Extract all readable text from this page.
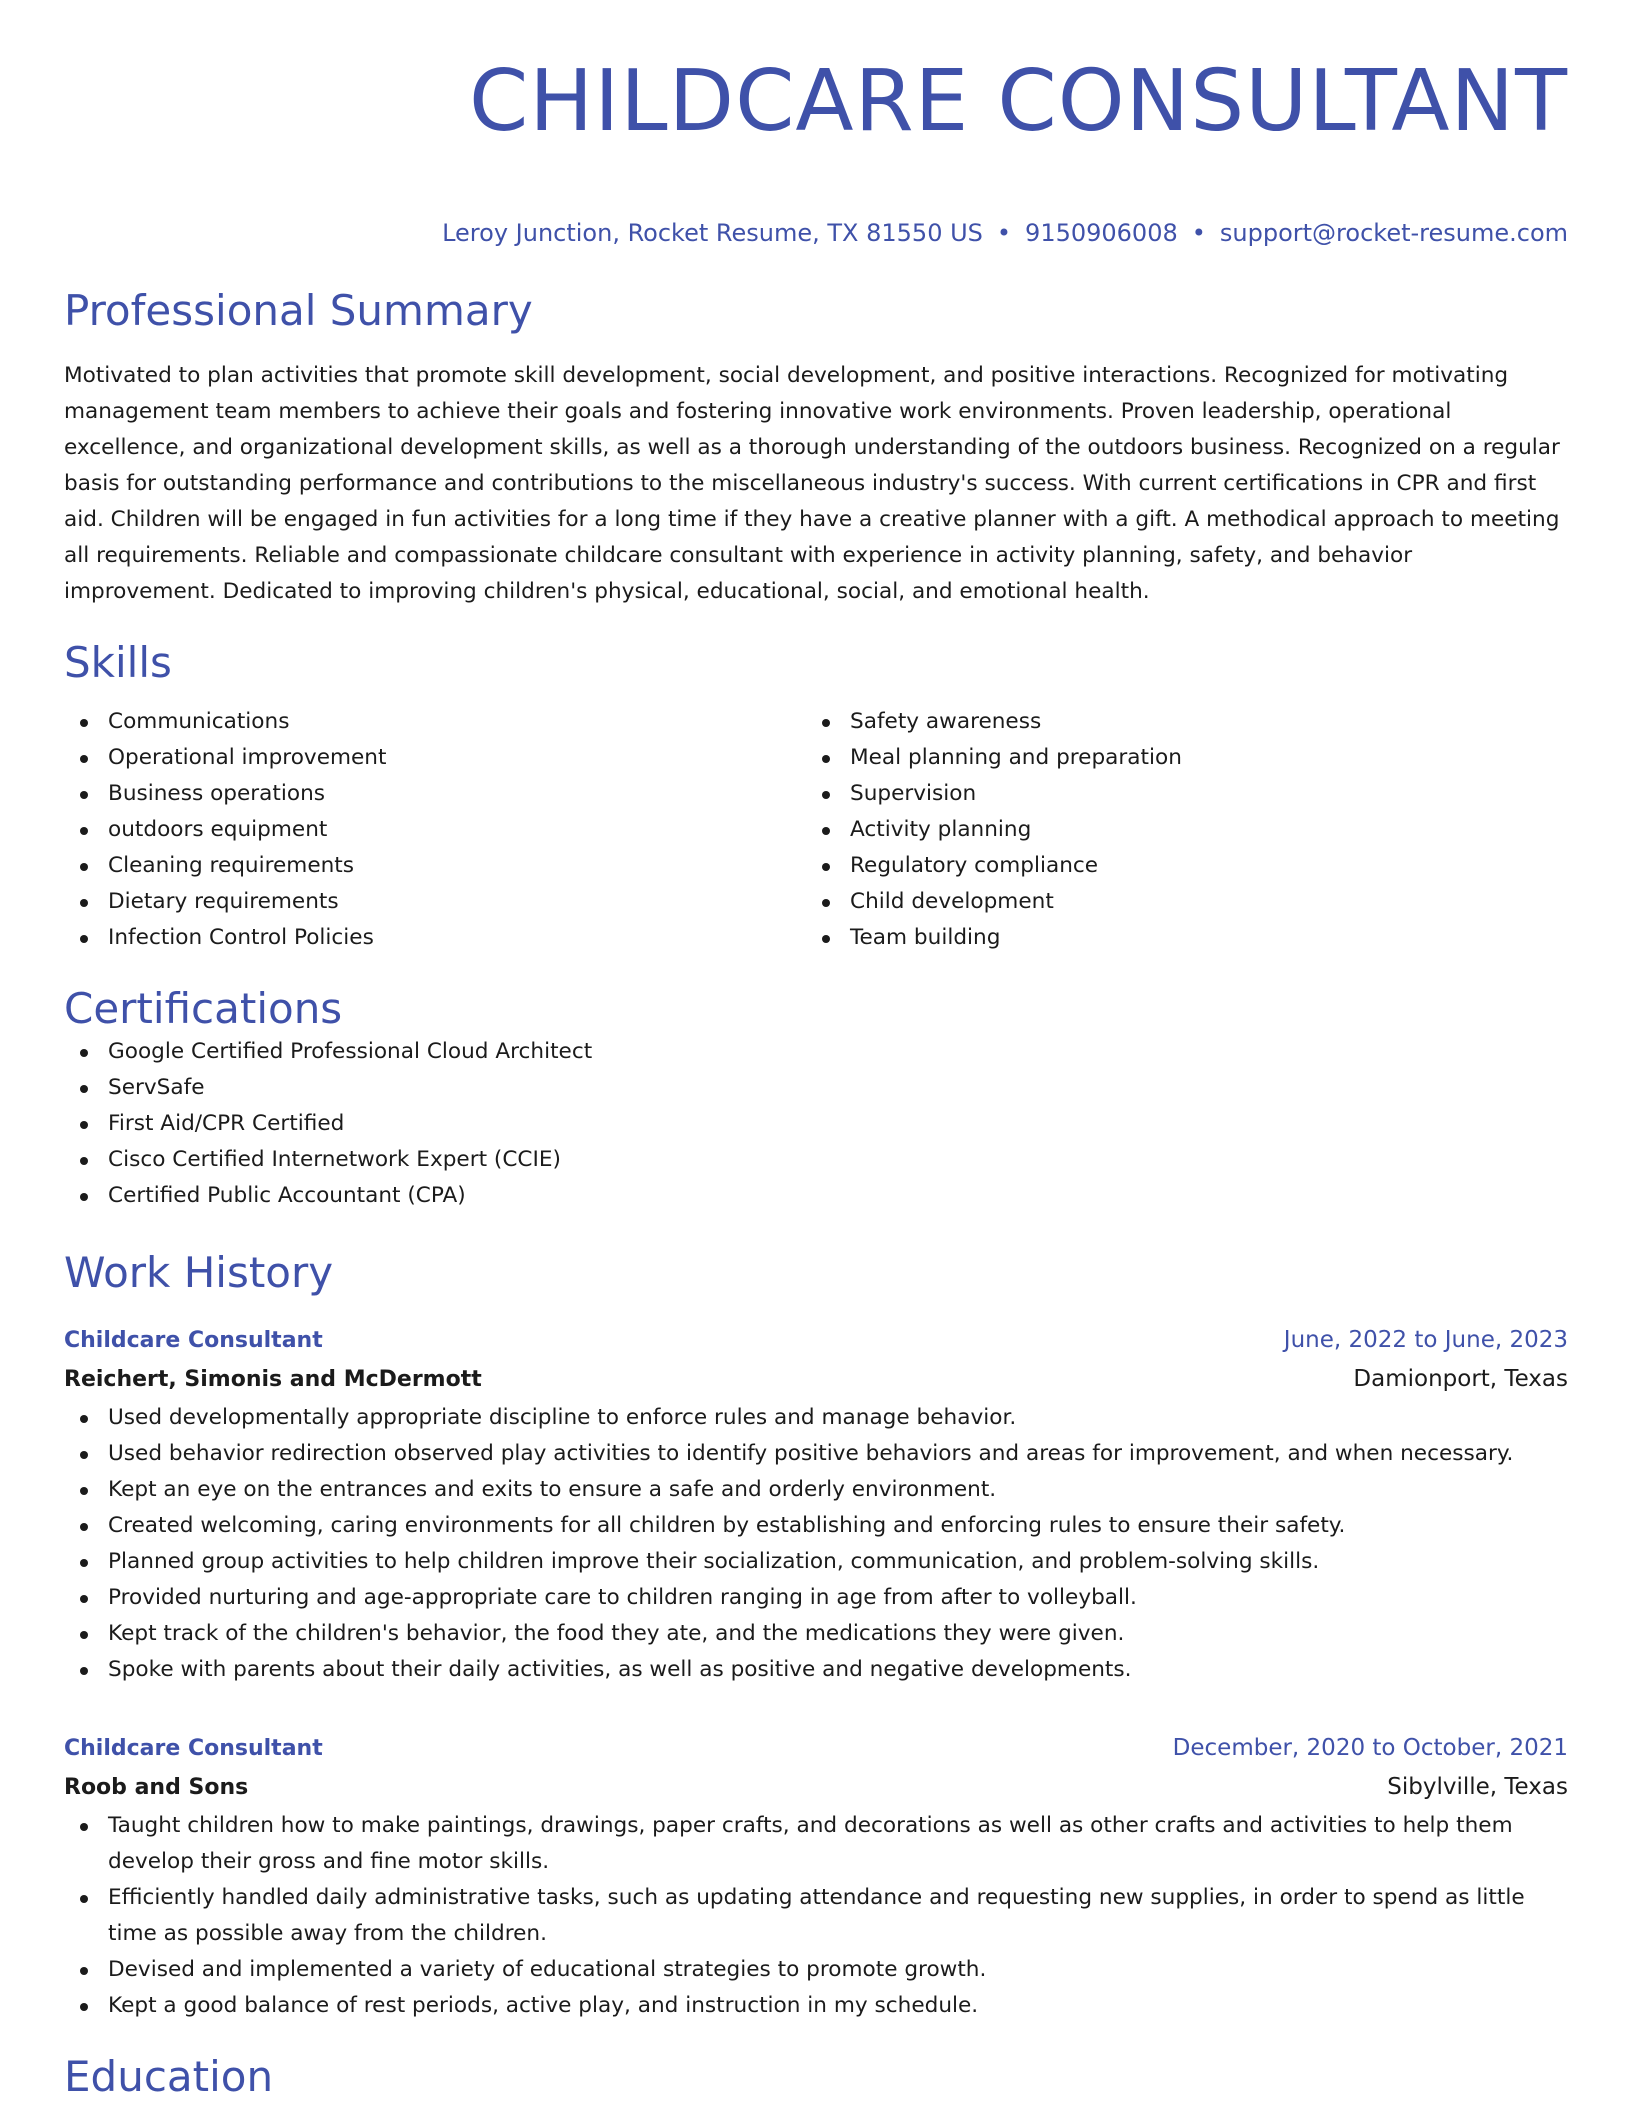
CHILDCARE CONSULTANT
Leroy Junction, Rocket Resume, TX 81550 US • 9150906008 • support@rocket-resume.com
Professional Summary

Motivated to plan activities that promote skill development, social development, and positive interactions. Recognized for motivating management team members to achieve their goals and fostering innovative work environments. Proven leadership, operational excellence, and organizational development skills, as well as a thorough understanding of the outdoors business. Recognized on a regular basis for outstanding performance and contributions to the miscellaneous industry's success. With current certifications in CPR and first aid. Children will be engaged in fun activities for a long time if they have a creative planner with a gift. A methodical approach to meeting all requirements. Reliable and compassionate childcare consultant with experience in activity planning, safety, and behavior improvement. Dedicated to improving children's physical, educational, social, and emotional health.

Skills
Communications
Operational improvement
Business operations
outdoors equipment
Cleaning requirements
Dietary requirements
Infection Control Policies
Safety awareness
Meal planning and preparation
Supervision
Activity planning
Regulatory compliance
Child development
Team building
Certifications
Google Certified Professional Cloud Architect
ServSafe
First Aid/CPR Certified
Cisco Certified Internetwork Expert (CCIE)
Certified Public Accountant (CPA)
Work History
Childcare Consultant	June, 2022 to June, 2023
Reichert, Simonis and McDermott	Damionport, Texas
Used developmentally appropriate discipline to enforce rules and manage behavior.
Used behavior redirection observed play activities to identify positive behaviors and areas for improvement, and when necessary.
Kept an eye on the entrances and exits to ensure a safe and orderly environment.
Created welcoming, caring environments for all children by establishing and enforcing rules to ensure their safety.
Planned group activities to help children improve their socialization, communication, and problem-solving skills.
Provided nurturing and age-appropriate care to children ranging in age from after to volleyball.
Kept track of the children's behavior, the food they ate, and the medications they were given.
Spoke with parents about their daily activities, as well as positive and negative developments.
Childcare Consultant	December, 2020 to October, 2021
Roob and Sons	Sibylville, Texas
Taught children how to make paintings, drawings, paper crafts, and decorations as well as other crafts and activities to help them develop their gross and fine motor skills.
Efficiently handled daily administrative tasks, such as updating attendance and requesting new supplies, in order to spend as little time as possible away from the children.
Devised and implemented a variety of educational strategies to promote growth.
Kept a good balance of rest periods, active play, and instruction in my schedule.
Education
